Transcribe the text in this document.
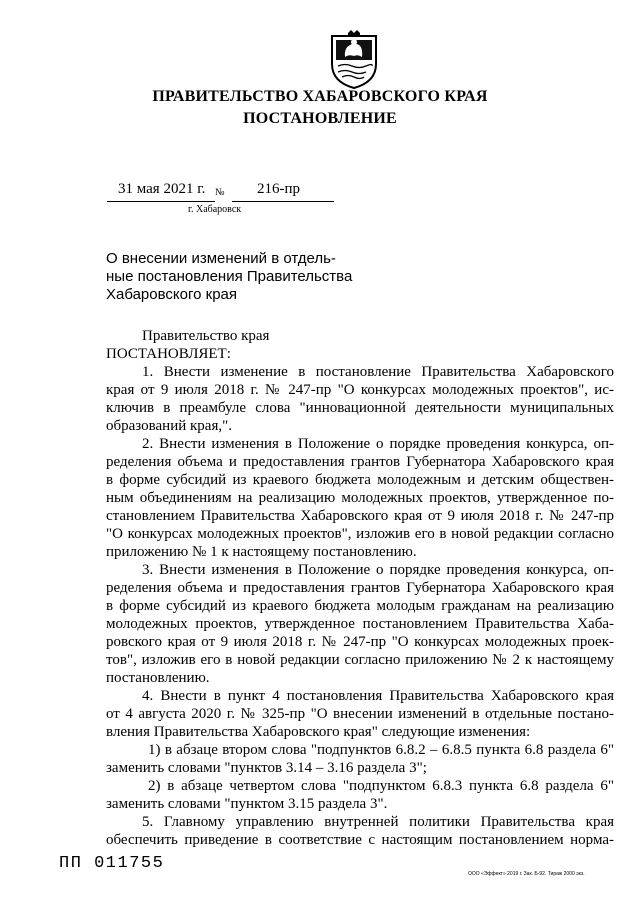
ПРАВИТЕЛЬСТВО ХАБАРОВСКОГО КРАЯ
ПОСТАНОВЛЕНИЕ
31 мая 2021 г. № 216-пр
г. Хабаровск
О внесении изменений в отдель-
ные постановления Правительства
Хабаровского края
Правительство края
ПОСТАНОВЛЯЕТ:
1. Внести изменение в постановление Правительства Хабаровского
края от 9 июля 2018 г. № 247-пр "О конкурсах молодежных проектов", ис-
ключив в преамбуле слова "инновационной деятельности муниципальных
образований края,".
2. Внести изменения в Положение о порядке проведения конкурса, оп-
ределения объема и предоставления грантов Губернатора Хабаровского края
в форме субсидий из краевого бюджета молодежным и детским обществен-
ным объединениям на реализацию молодежных проектов, утвержденное по-
становлением Правительства Хабаровского края от 9 июля 2018 г. № 247-пр
"О конкурсах молодежных проектов", изложив его в новой редакции согласно
приложению № 1 к настоящему постановлению.
3. Внести изменения в Положение о порядке проведения конкурса, оп-
ределения объема и предоставления грантов Губернатора Хабаровского края
в форме субсидий из краевого бюджета молодым гражданам на реализацию
молодежных проектов, утвержденное постановлением Правительства Хаба-
ровского края от 9 июля 2018 г. № 247-пр "О конкурсах молодежных проек-
тов", изложив его в новой редакции согласно приложению № 2 к настоящему
постановлению.
4. Внести в пункт 4 постановления Правительства Хабаровского края
от 4 августа 2020 г. № 325-пр "О внесении изменений в отдельные постано-
вления Правительства Хабаровского края" следующие изменения:
1) в абзаце втором слова "подпунктов 6.8.2 – 6.8.5 пункта 6.8 раздела 6"
заменить словами "пунктов 3.14 – 3.16 раздела 3";
2) в абзаце четвертом слова "подпунктом 6.8.3 пункта 6.8 раздела 6"
заменить словами "пунктом 3.15 раздела 3".
5. Главному управлению внутренней политики Правительства края
обеспечить приведение в соответствие с настоящим постановлением норма-
ПП 011755
ООО «Эффект» 2019 г. Зак. Б-92. Тираж 2000 экз.
